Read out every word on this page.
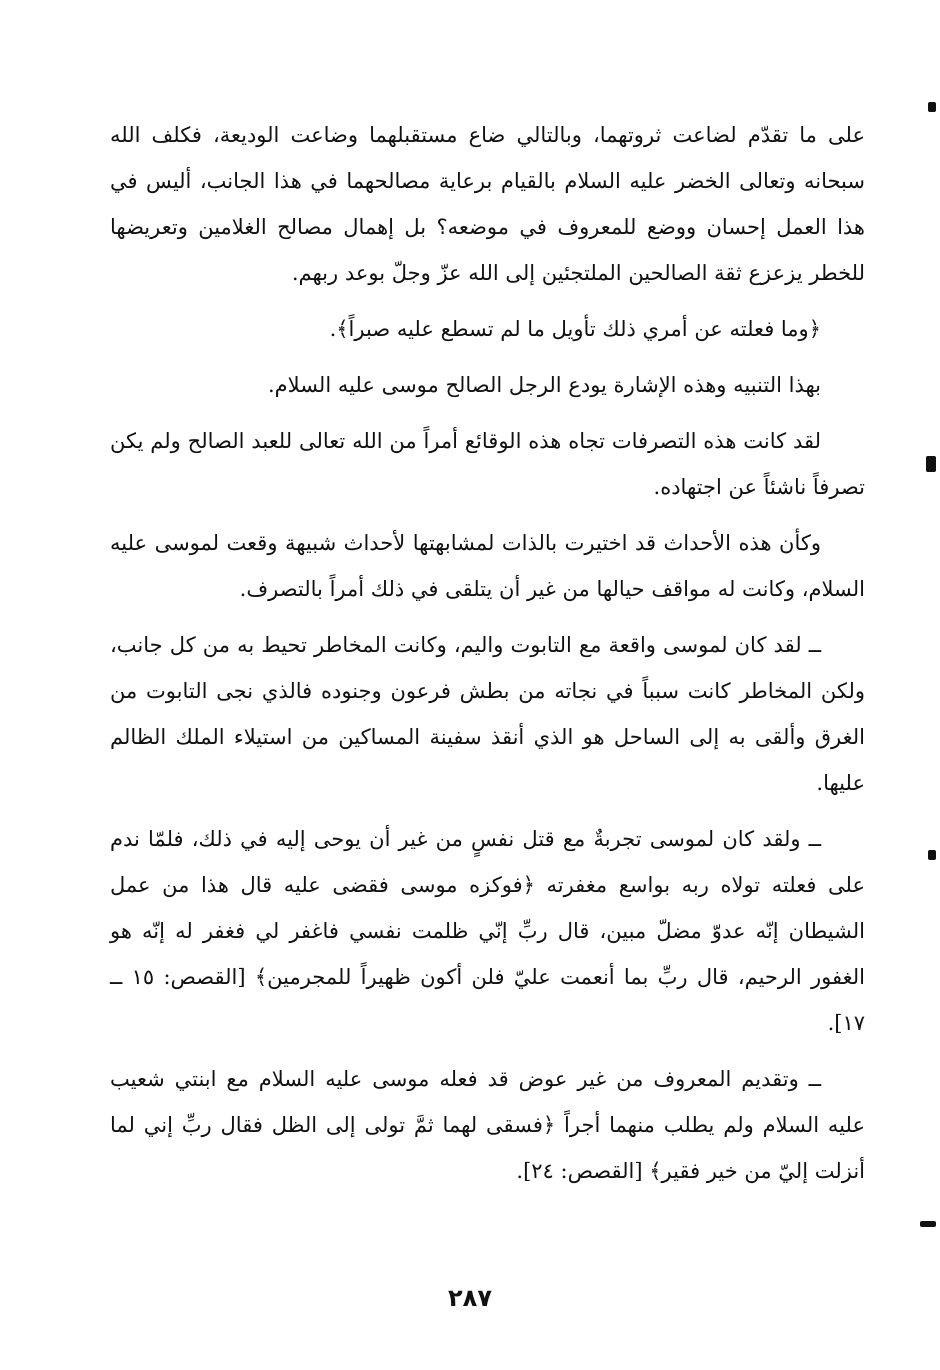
على ما تقدّم لضاعت ثروتهما، وبالتالي ضاع مستقبلهما وضاعت الوديعة، فكلف الله سبحانه وتعالى الخضر عليه السلام بالقيام برعاية مصالحهما في هذا الجانب، أليس في هذا العمل إحسان ووضع للمعروف في موضعه؟ بل إهمال مصالح الغلامين وتعريضها للخطر يزعزع ثقة الصالحين الملتجئين إلى الله عزّ وجلّ بوعد ربهم.

﴿وما فعلته عن أمري ذلك تأويل ما لم تسطع عليه صبراً﴾.

بهذا التنبيه وهذه الإشارة يودع الرجل الصالح موسى عليه السلام.

لقد كانت هذه التصرفات تجاه هذه الوقائع أمراً من الله تعالى للعبد الصالح ولم يكن تصرفاً ناشئاً عن اجتهاده.

وكأن هذه الأحداث قد اختيرت بالذات لمشابهتها لأحداث شبيهة وقعت لموسى عليه السلام، وكانت له مواقف حيالها من غير أن يتلقى في ذلك أمراً بالتصرف.

ــ لقد كان لموسى واقعة مع التابوت واليم، وكانت المخاطر تحيط به من كل جانب، ولكن المخاطر كانت سبباً في نجاته من بطش فرعون وجنوده فالذي نجى التابوت من الغرق وألقى به إلى الساحل هو الذي أنقذ سفينة المساكين من استيلاء الملك الظالم عليها.

ــ ولقد كان لموسى تجربةٌ مع قتل نفسٍ من غير أن يوحى إليه في ذلك، فلمّا ندم على فعلته تولاه ربه بواسع مغفرته ﴿فوكزه موسى فقضى عليه قال هذا من عمل الشيطان إنّه عدوّ مضلّ مبين، قال ربِّ إنّي ظلمت نفسي فاغفر لي فغفر له إنّه هو الغفور الرحيم، قال ربِّ بما أنعمت عليّ فلن أكون ظهيراً للمجرمين﴾ [القصص: ١٥ ــ ١٧].

ــ وتقديم المعروف من غير عوض قد فعله موسى عليه السلام مع ابنتي شعيب عليه السلام ولم يطلب منهما أجراً ﴿فسقى لهما ثمَّ تولى إلى الظل فقال ربِّ إني لما أنزلت إليّ من خير فقير﴾ [القصص: ٢٤].

٢٨٧
